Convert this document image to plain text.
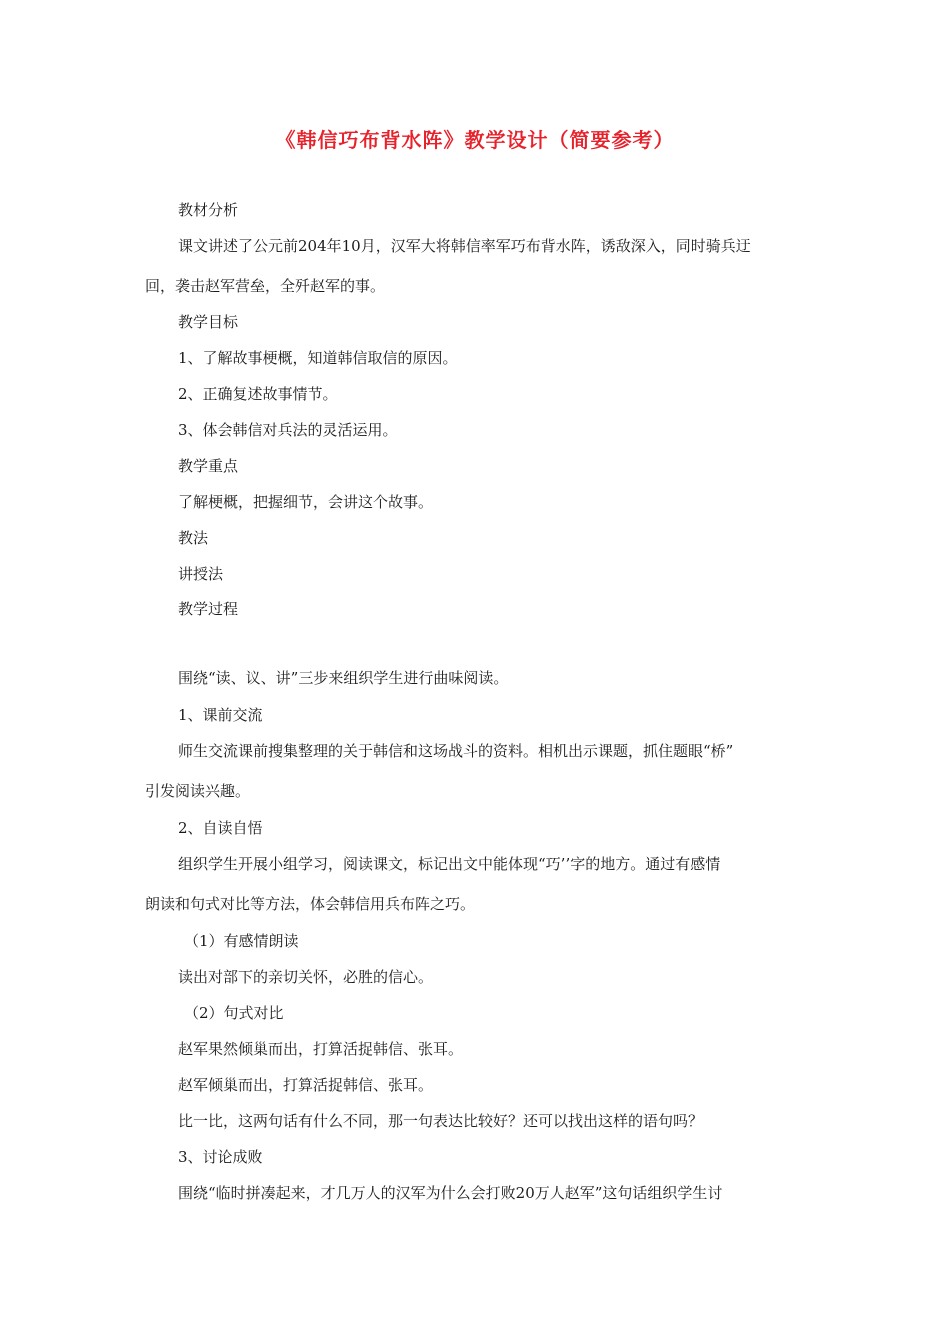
《韩信巧布背水阵》教学设计（简要参考）
教材分析
课文讲述了公元前204年10月，汉军大将韩信率军巧布背水阵，诱敌深入，同时骑兵迂
回，袭击赵军营垒，全歼赵军的事。
教学目标
1、了解故事梗概，知道韩信取信的原因。
2、正确复述故事情节。
3、体会韩信对兵法的灵活运用。
教学重点
了解梗概，把握细节，会讲这个故事。
教法
讲授法
教学过程
围绕“读、议、讲”三步来组织学生进行曲味阅读。
1、课前交流
师生交流课前搜集整理的关于韩信和这场战斗的资料。相机出示课题，抓住题眼“桥”
引发阅读兴趣。
2、自读自悟
组织学生开展小组学习，阅读课文，标记出文中能体现“巧’’字的地方。通过有感情
朗读和句式对比等方法，体会韩信用兵布阵之巧。
（1）有感情朗读
读出对部下的亲切关怀，必胜的信心。
（2）句式对比
赵军果然倾巢而出，打算活捉韩信、张耳。
赵军倾巢而出，打算活捉韩信、张耳。
比一比，这两句话有什么不同，那一句表达比较好？还可以找出这样的语句吗？
3、讨论成败
围绕“临时拼凑起来，才几万人的汉军为什么会打败20万人赵军”这句话组织学生讨
